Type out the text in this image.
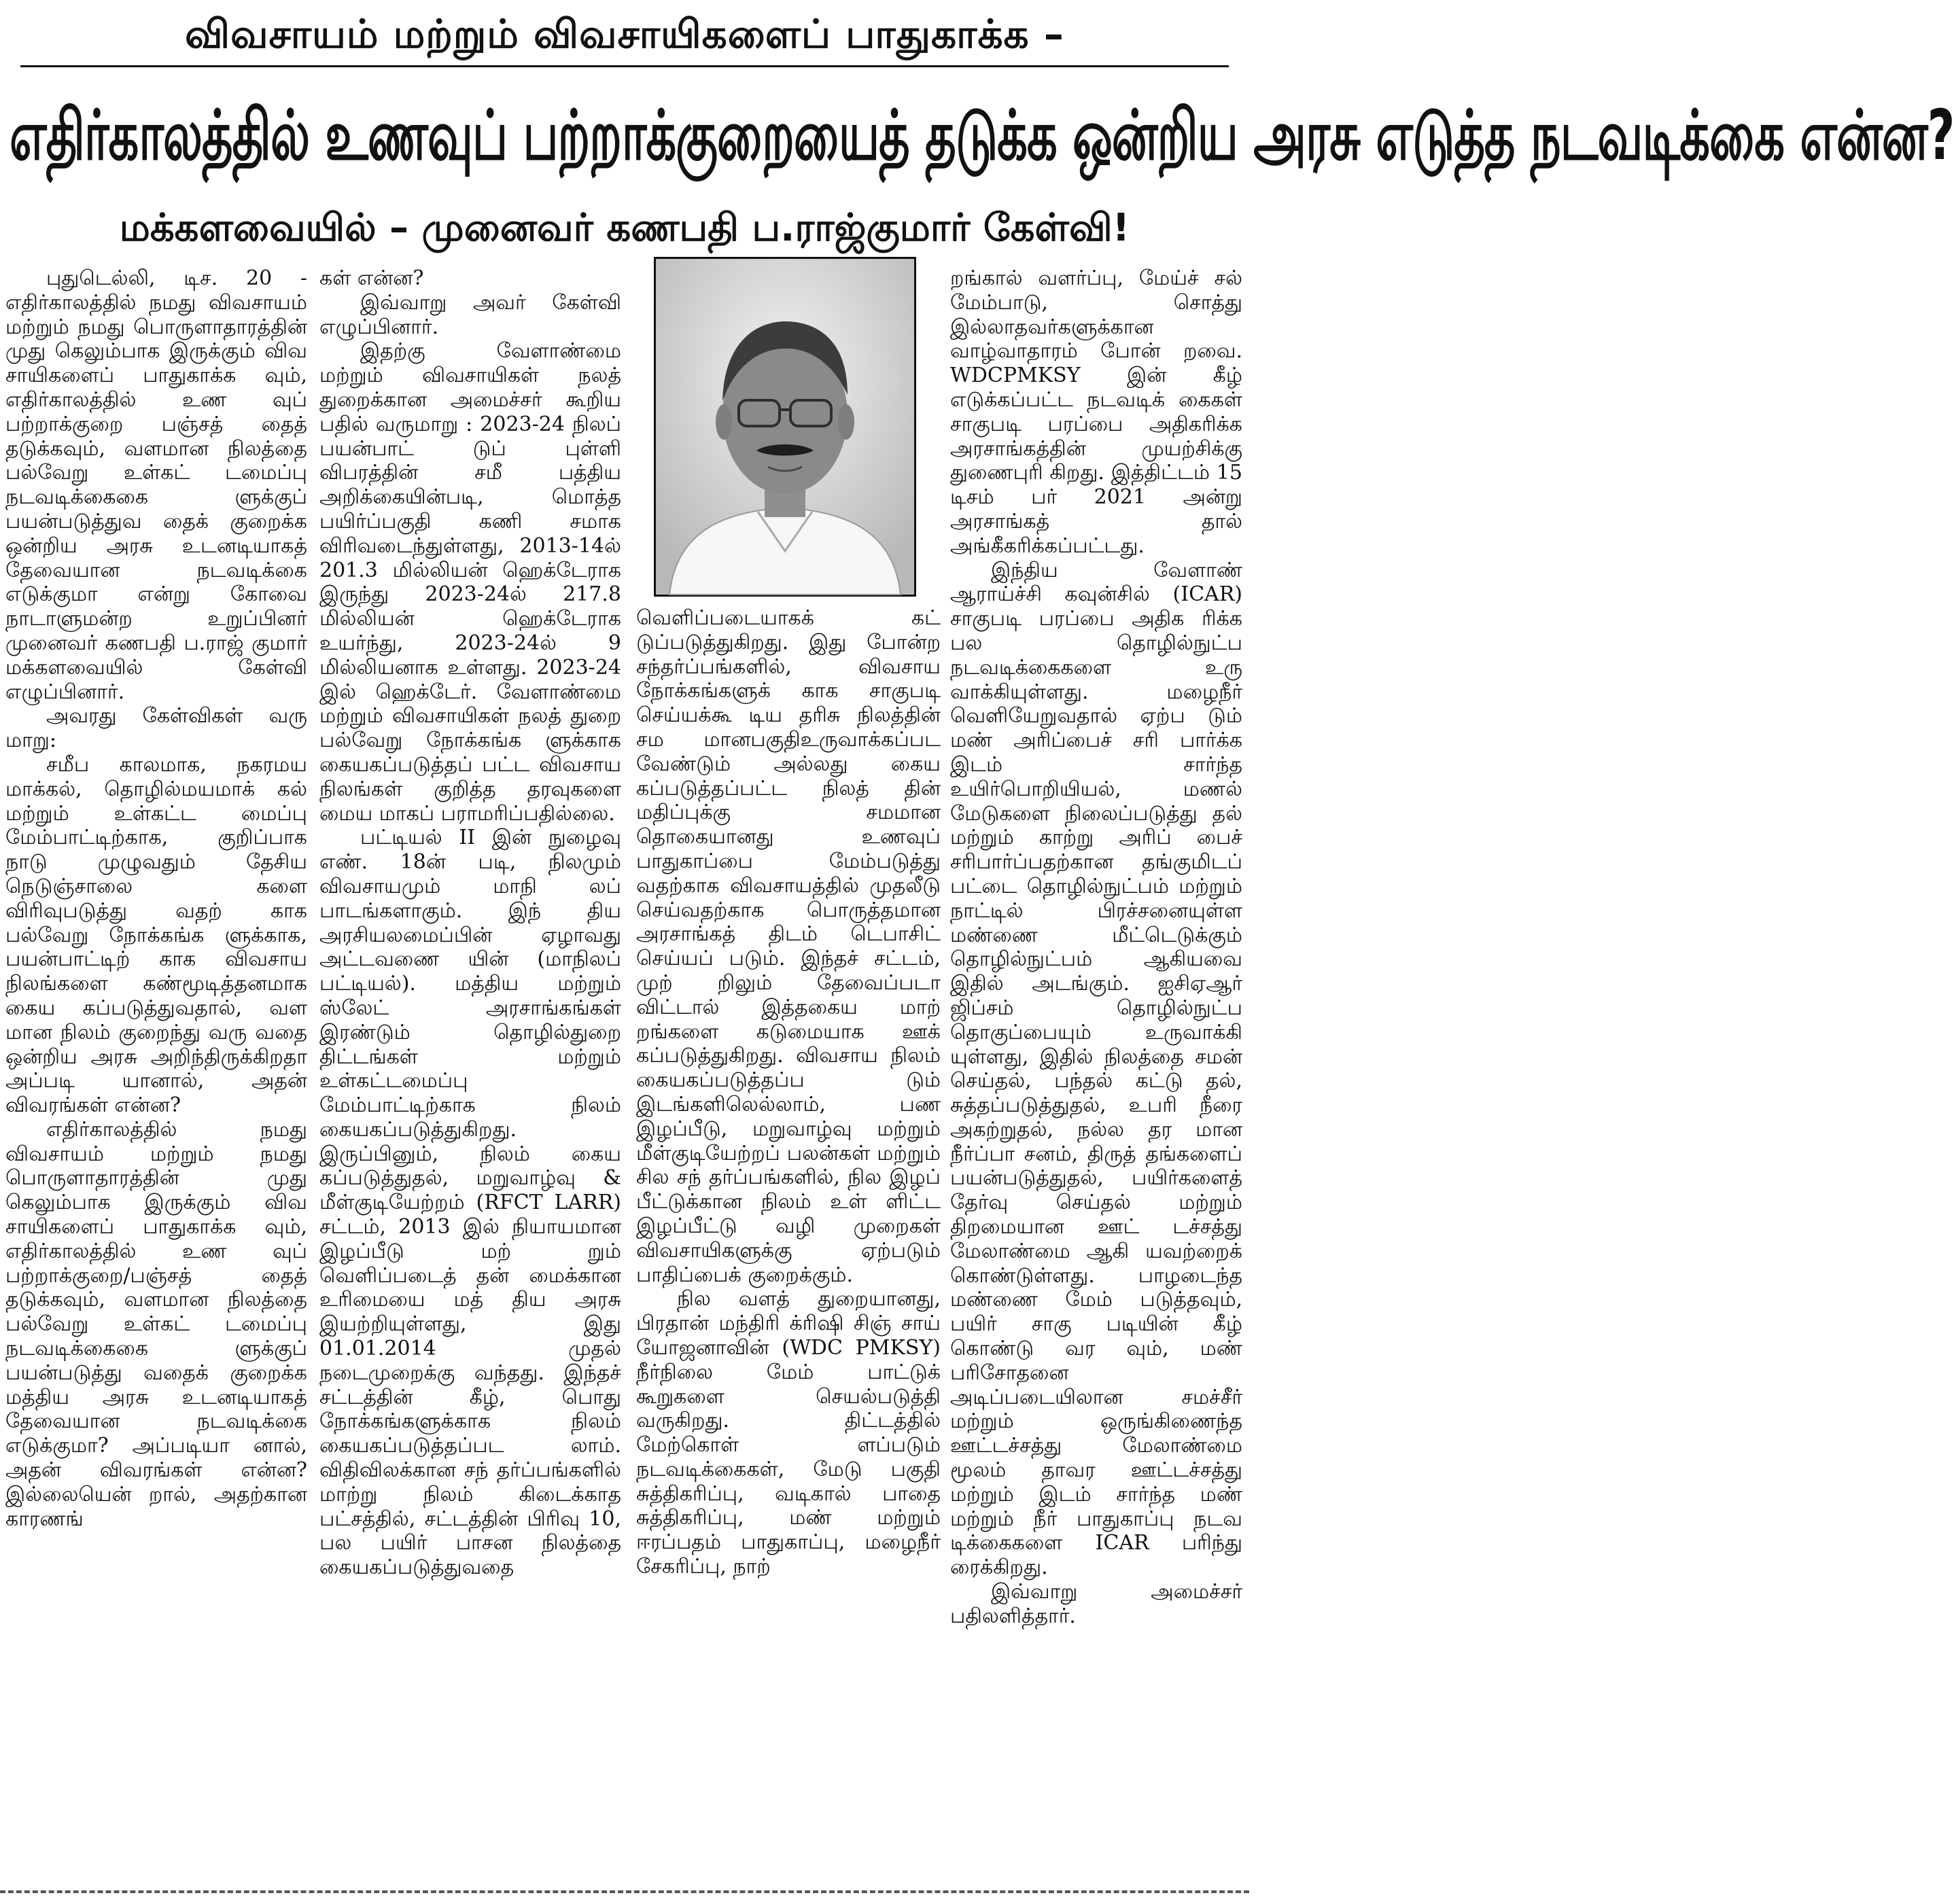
விவசாயம் மற்றும் விவசாயிகளைப் பாதுகாக்க –
எதிர்காலத்தில் உணவுப் பற்றாக்குறையைத் தடுக்க ஒன்றிய அரசு எடுத்த நடவடிக்கை என்ன?
மக்களவையில் – முனைவர் கணபதி ப.ராஜ்குமார் கேள்வி!

புதுடெல்லி, டிச. 20 - எதிர்காலத்தில் நமது விவசாயம் மற்றும் நமது பொருளாதாரத்தின் முது கெலும்பாக இருக்கும் விவ சாயிகளைப் பாதுகாக்க வும், எதிர்காலத்தில் உண வுப் பற்றாக்குறை பஞ்சத் தைத் தடுக்கவும், வளமான நிலத்தை பல்வேறு உள்கட் டமைப்பு நடவடிக்கைகை ளுக்குப் பயன்படுத்துவ தைக் குறைக்க ஒன்றிய அரசு உடனடியாகத் தேவையான நடவடிக்கை எடுக்குமா என்று கோவை நாடாளுமன்ற உறுப்பினர் முனைவர் கணபதி ப.ராஜ் குமார் மக்களவையில் கேள்வி எழுப்பினார்.

அவரது கேள்விகள் வரு மாறு:

சமீப காலமாக, நகரமய மாக்கல், தொழில்மயமாக் கல் மற்றும் உள்கட்ட மைப்பு மேம்பாட்டிற்காக, குறிப்பாக நாடு முழுவதும் தேசிய நெடுஞ்சாலை களை விரிவுபடுத்து வதற் காக பல்வேறு நோக்கங்க ளுக்காக, பயன்பாட்டிற் காக விவசாய நிலங்களை கண்மூடித்தனமாக கைய கப்படுத்துவதால், வள மான நிலம் குறைந்து வரு வதை ஒன்றிய அரசு அறிந்திருக்கிறதா அப்படி யானால், அதன் விவரங்கள் என்ன?

எதிர்காலத்தில் நமது விவசாயம் மற்றும் நமது பொருளாதாரத்தின் முது கெலும்பாக இருக்கும் விவ சாயிகளைப் பாதுகாக்க வும், எதிர்காலத்தில் உண வுப் பற்றாக்குறை/பஞ்சத் தைத் தடுக்கவும், வளமான நிலத்தை பல்வேறு உள்கட் டமைப்பு நடவடிக்கைகை ளுக்குப் பயன்படுத்து வதைக் குறைக்க மத்திய அரசு உடனடியாகத் தேவையான நடவடிக்கை எடுக்குமா? அப்படியா னால், அதன் விவரங்கள் என்ன? இல்லையென் றால், அதற்கான காரணங்

கள் என்ன?

இவ்வாறு அவர் கேள்வி எழுப்பினார்.

இதற்கு வேளாண்மை மற்றும் விவசாயிகள் நலத் துறைக்கான அமைச்சர் கூறிய பதில் வருமாறு : 2023-24 நிலப் பயன்பாட் டுப் புள்ளி விபரத்தின் சமீ பத்திய அறிக்கையின்படி, மொத்த பயிர்ப்பகுதி கணி சமாக விரிவடைந்துள்ளது, 2013-14ல் 201.3 மில்லியன் ஹெக்டேராக இருந்து 2023-24ல் 217.8 மில்லியன் ஹெக்டேராக உயர்ந்து, 2023-24ல் 9 மில்லியனாக உள்ளது. 2023-24 இல் ஹெக்டேர். வேளாண்மை மற்றும் விவசாயிகள் நலத் துறை பல்வேறு நோக்கங்க ளுக்காக கையகப்படுத்தப் பட்ட விவசாய நிலங்கள் குறித்த தரவுகளை மைய மாகப் பராமரிப்பதில்லை.

பட்டியல் II இன் நுழைவு எண். 18ன் படி, நிலமும் விவசாயமும் மாநி லப் பாடங்களாகும். இந் திய அரசியலமைப்பின் ஏழாவது அட்டவணை யின் (மாநிலப் பட்டியல்). மத்திய மற்றும் ஸ்லேட் அரசாங்கங்கள் இரண்டும் தொழில்துறை திட்டங்கள் மற்றும் உள்கட்டமைப்பு மேம்பாட்டிற்காக நிலம் கையகப்படுத்துகிறது. இருப்பினும், நிலம் கைய கப்படுத்துதல், மறுவாழ்வு & மீள்குடியேற்றம் (RFCT LARR) சட்டம், 2013 இல் நியாயமான இழப்பீடு மற் றும் வெளிப்படைத் தன் மைக்கான உரிமையை மத் திய அரசு இயற்றியுள்ளது, இது 01.01.2014 முதல் நடைமுறைக்கு வந்தது. இந்தச் சட்டத்தின் கீழ், பொது நோக்கங்களுக்காக நிலம் கையகப்படுத்தப்பட லாம். விதிவிலக்கான சந் தர்ப்பங்களில் மாற்று நிலம் கிடைக்காத பட்சத்தில், சட்டத்தின் பிரிவு 10, பல பயிர் பாசன நிலத்தை கையகப்படுத்துவதை

வெளிப்படையாகக் கட் டுப்படுத்துகிறது. இது போன்ற சந்தர்ப்பங்களில், விவசாய நோக்கங்களுக் காக சாகுபடி செய்யக்கூ டிய தரிசு நிலத்தின் சம மானபகுதிஉருவாக்கப்பட வேண்டும் அல்லது கைய கப்படுத்தப்பட்ட நிலத் தின் மதிப்புக்கு சமமான தொகையானது உணவுப் பாதுகாப்பை மேம்படுத்து வதற்காக விவசாயத்தில் முதலீடு செய்வதற்காக பொருத்தமான அரசாங்கத் திடம் டெபாசிட் செய்யப் படும். இந்தச் சட்டம், முற் றிலும் தேவைப்படா விட்டால் இத்தகைய மாற் றங்களை கடுமையாக ஊக் கப்படுத்துகிறது. விவசாய நிலம் கையகப்படுத்தப்ப டும் இடங்களிலெல்லாம், பண இழப்பீடு, மறுவாழ்வு மற்றும் மீள்குடியேற்றப் பலன்கள் மற்றும் சில சந் தர்ப்பங்களில், நில இழப் பீட்டுக்கான நிலம் உள் ளிட்ட இழப்பீட்டு வழி முறைகள் விவசாயிகளுக்கு ஏற்படும் பாதிப்பைக் குறைக்கும்.

நில வளத் துறையானது, பிரதான் மந்திரி க்ரிஷி சிஞ் சாய் யோஜனாவின் (WDC PMKSY) நீர்நிலை மேம் பாட்டுக் கூறுகளை செயல்படுத்தி வருகிறது. திட்டத்தில் மேற்கொள் ளப்படும் நடவடிக்கைகள், மேடு பகுதி சுத்திகரிப்பு, வடிகால் பாதை சுத்திகரிப்பு, மண் மற்றும் ஈரப்பதம் பாதுகாப்பு, மழைநீர் சேகரிப்பு, நாற்

றங்கால் வளர்ப்பு, மேய்ச் சல் மேம்பாடு, சொத்து இல்லாதவர்களுக்கான வாழ்வாதாரம் போன் றவை. WDCPMKSY இன் கீழ் எடுக்கப்பட்ட நடவடிக் கைகள் சாகுபடி பரப்பை அதிகரிக்க அரசாங்கத்தின் முயற்சிக்கு துணைபுரி கிறது. இத்திட்டம் 15 டிசம் பர் 2021 அன்று அரசாங்கத் தால் அங்கீகரிக்கப்பட்டது.

இந்திய வேளாண் ஆராய்ச்சி கவுன்சில் (ICAR) சாகுபடி பரப்பை அதிக ரிக்க பல தொழில்நுட்ப நடவடிக்கைகளை உரு வாக்கியுள்ளது. மழைநீர் வெளியேறுவதால் ஏற்ப டும் மண் அரிப்பைச் சரி பார்க்க இடம் சார்ந்த உயிர்பொறியியல், மணல் மேடுகளை நிலைப்படுத்து தல் மற்றும் காற்று அரிப் பைச் சரிபார்ப்பதற்கான தங்குமிடப் பட்டை தொழில்நுட்பம் மற்றும் நாட்டில் பிரச்சனையுள்ள மண்ணை மீட்டெடுக்கும் தொழில்நுட்பம் ஆகியவை இதில் அடங்கும். ஐசிஏஆர் ஜிப்சம் தொழில்நுட்ப தொகுப்பையும் உருவாக்கி யுள்ளது, இதில் நிலத்தை சமன் செய்தல், பந்தல் கட்டு தல், சுத்தப்படுத்துதல், உபரி நீரை அகற்றுதல், நல்ல தர மான நீர்ப்பா சனம், திருத் தங்களைப் பயன்படுத்துதல், பயிர்களைத் தேர்வு செய்தல் மற்றும் திறமையான ஊட் டச்சத்து மேலாண்மை ஆகி யவற்றைக் கொண்டுள்ளது. பாழடைந்த மண்ணை மேம் படுத்தவும், பயிர் சாகு படியின் கீழ் கொண்டு வர வும், மண் பரிசோதனை அடிப்படையிலான சமச்சீர் மற்றும் ஒருங்கிணைந்த ஊட்டச்சத்து மேலாண்மை மூலம் தாவர ஊட்டச்சத்து மற்றும் இடம் சார்ந்த மண் மற்றும் நீர் பாதுகாப்பு நடவ டிக்கைகளை ICAR பரிந்து ரைக்கிறது.

இவ்வாறு அமைச்சர் பதிலளித்தார்.
